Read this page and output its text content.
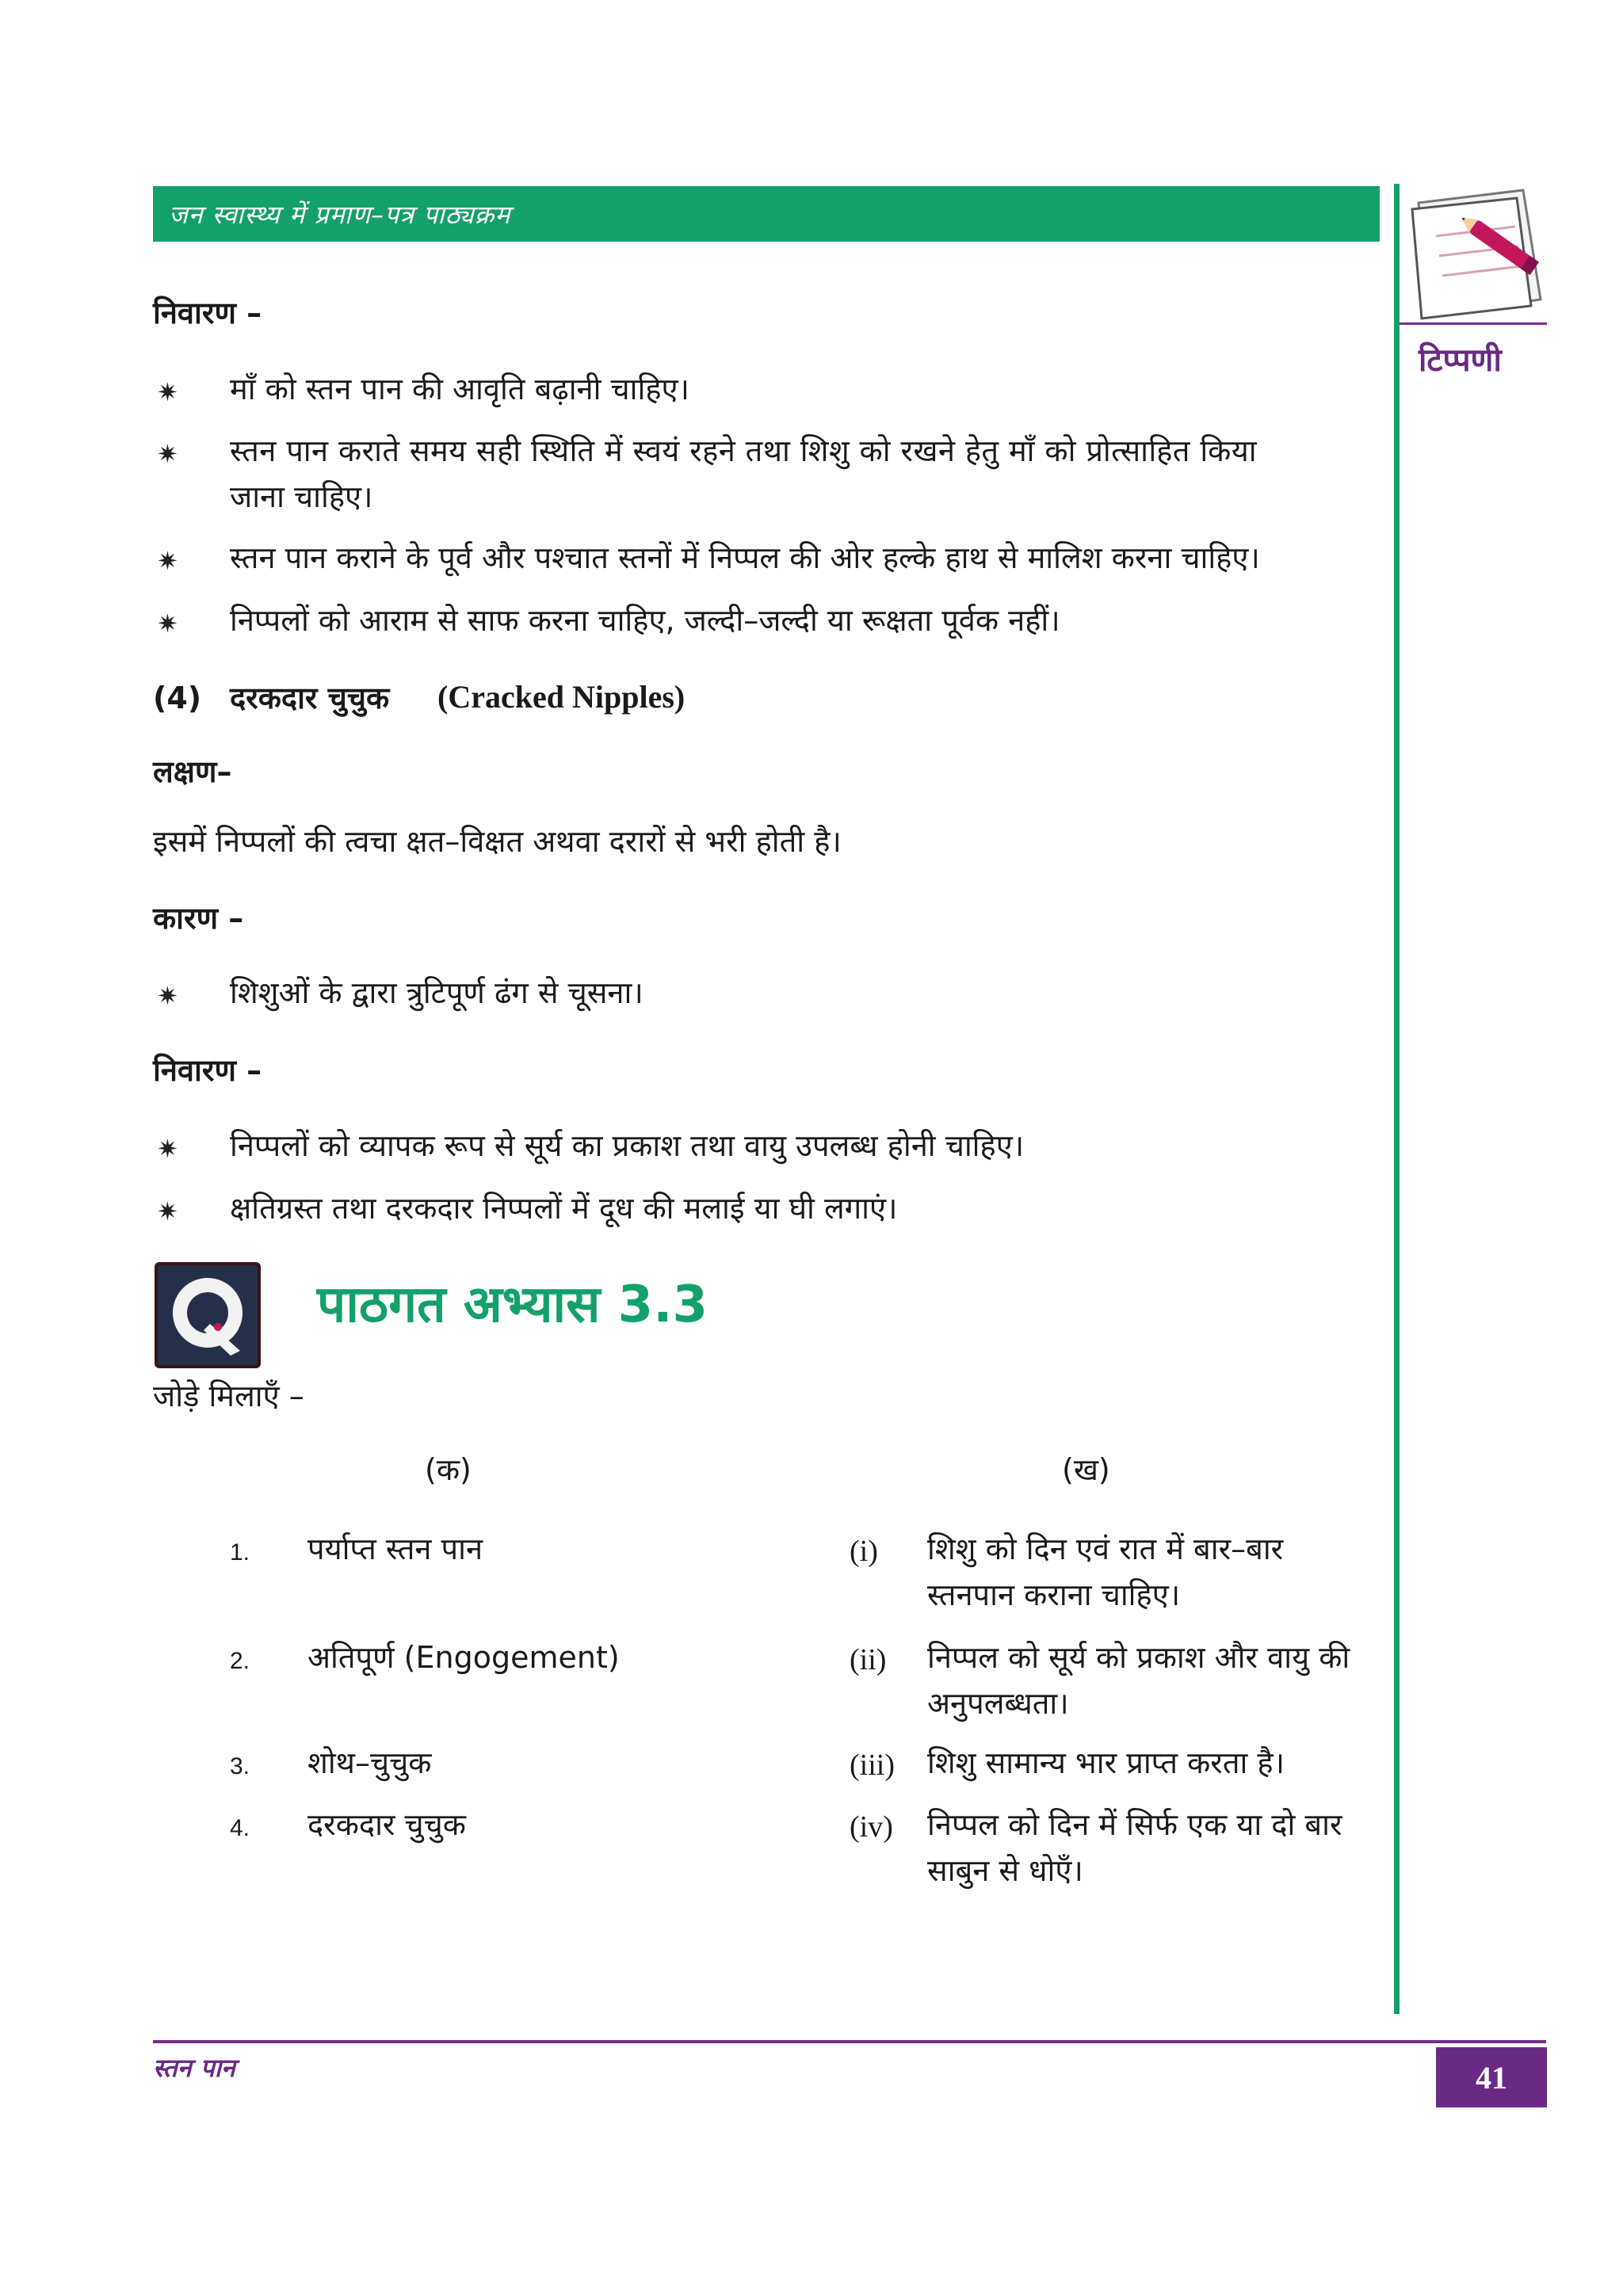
जन स्वास्थ्य में प्रमाण–पत्र पाठ्यक्रम
टिप्पणी
निवारण –
✷ माँ को स्तन पान की आवृति बढ़ानी चाहिए।
✷ स्तन पान कराते समय सही स्थिति में स्वयं रहने तथा शिशु को रखने हेतु माँ को प्रोत्साहित किया
जाना चाहिए।
✷ स्तन पान कराने के पूर्व और पश्चात स्तनों में निप्पल की ओर हल्के हाथ से मालिश करना चाहिए।
✷ निप्पलों को आराम से साफ करना चाहिए, जल्दी–जल्दी या रूक्षता पूर्वक नहीं।
(4) दरकदार चुचुक (Cracked Nipples)
लक्षण–
इसमें निप्पलों की त्वचा क्षत–विक्षत अथवा दरारों से भरी होती है।
कारण –
✷ शिशुओं के द्वारा त्रुटिपूर्ण ढंग से चूसना।
निवारण –
✷ निप्पलों को व्यापक रूप से सूर्य का प्रकाश तथा वायु उपलब्ध होनी चाहिए।
✷ क्षतिग्रस्त तथा दरकदार निप्पलों में दूध की मलाई या घी लगाएं।
पाठगत अभ्यास 3.3
जोड़े मिलाएँ –
(क)	(ख)
1. पर्याप्त स्तन पान
2. अतिपूर्ण (Engogement)
3. शोथ–चुचुक
4. दरकदार चुचुक
(i) शिशु को दिन एवं रात में बार–बार
स्तनपान कराना चाहिए।
(ii) निप्पल को सूर्य को प्रकाश और वायु की
अनुपलब्धता।
(iii) शिशु सामान्य भार प्राप्त करता है।
(iv) निप्पल को दिन में सिर्फ एक या दो बार
साबुन से धोएँ।
स्तन पान	41
